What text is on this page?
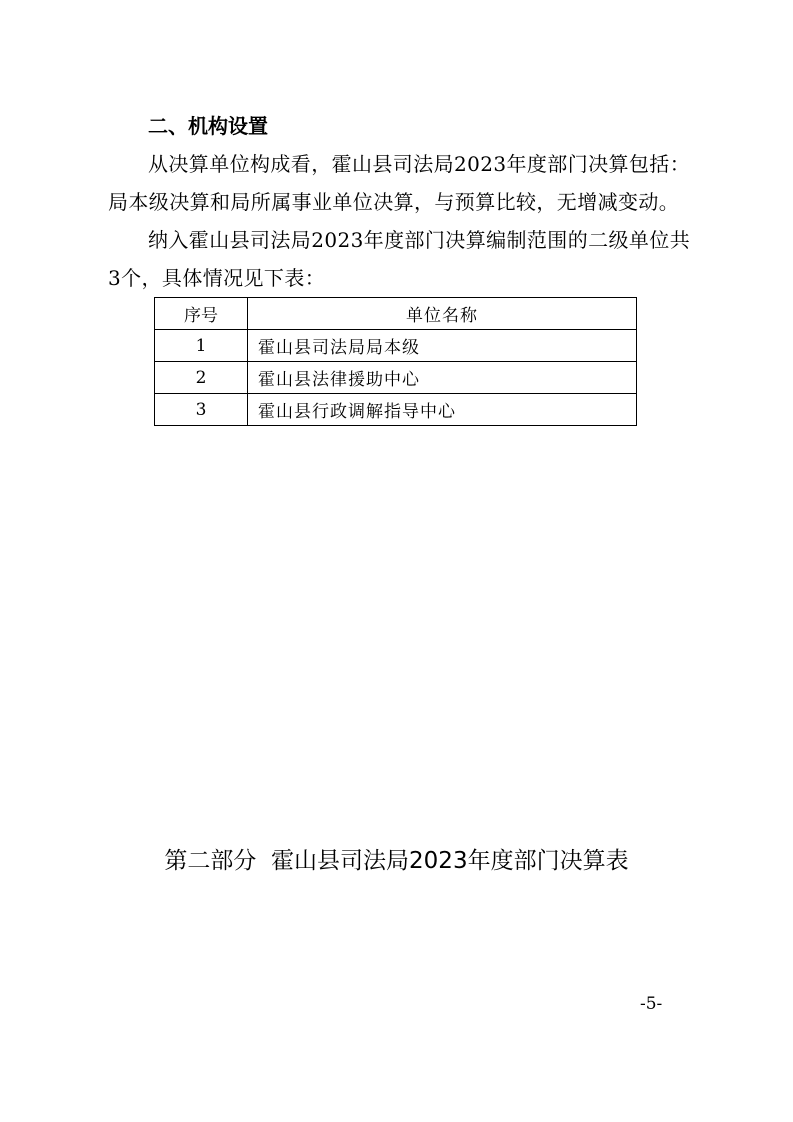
二、机构设置

从决算单位构成看，霍山县司法局2023年度部门决算包括：局本级决算和局所属事业单位决算，与预算比较，无增减变动。

纳入霍山县司法局2023年度部门决算编制范围的二级单位共3个，具体情况见下表：

序号	单位名称
1	霍山县司法局局本级
2	霍山县法律援助中心
3	霍山县行政调解指导中心
第二部分  霍山县司法局2023年度部门决算表
-5-
